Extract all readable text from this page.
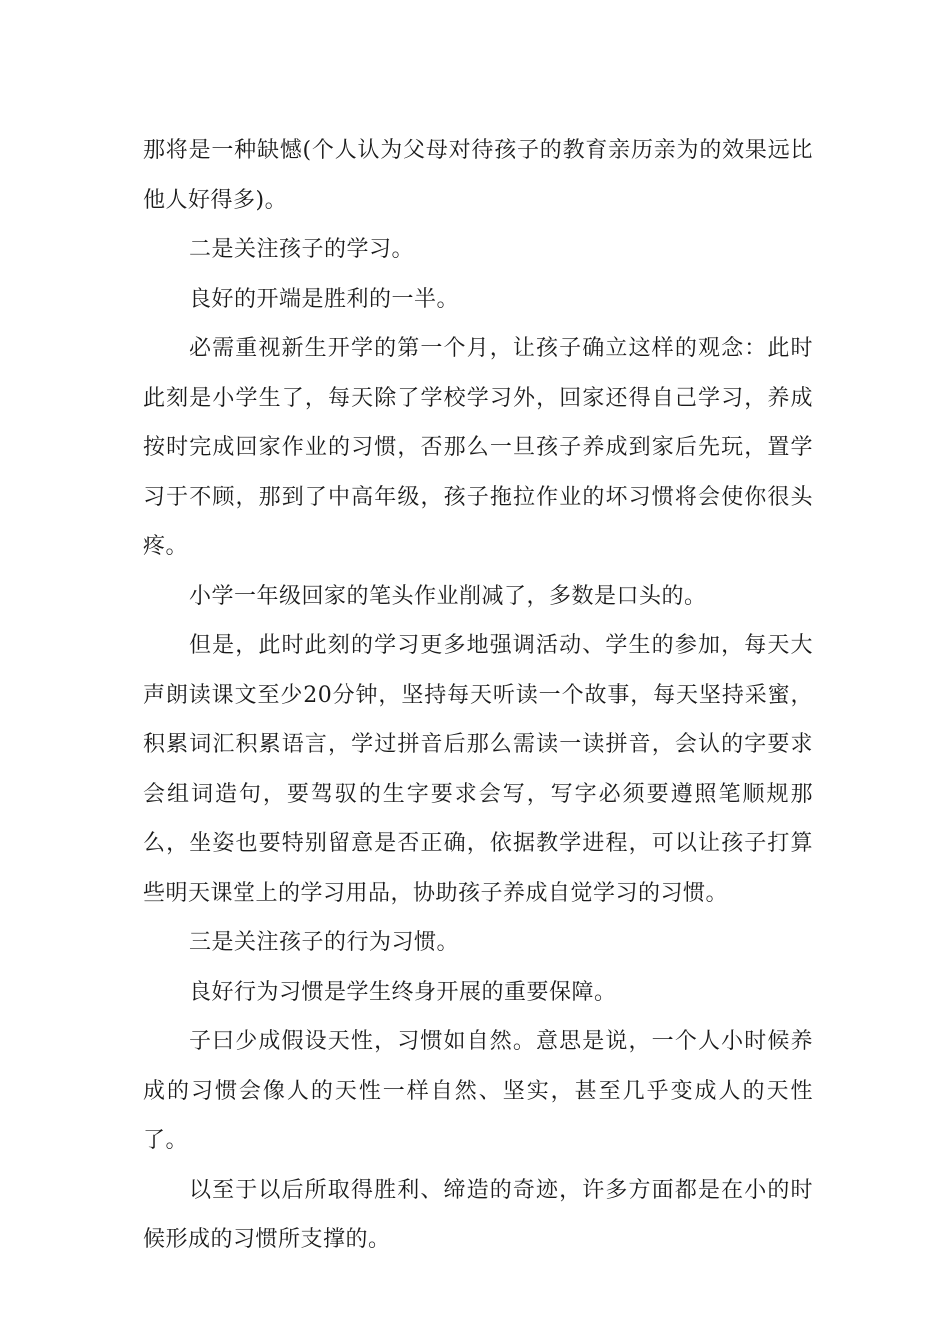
那将是一种缺憾(个人认为父母对待孩子的教育亲历亲为的效果远比他人好得多)。

二是关注孩子的学习。

良好的开端是胜利的一半。

必需重视新生开学的第一个月，让孩子确立这样的观念：此时此刻是小学生了，每天除了学校学习外，回家还得自己学习，养成按时完成回家作业的习惯，否那么一旦孩子养成到家后先玩，置学习于不顾，那到了中高年级，孩子拖拉作业的坏习惯将会使你很头疼。

小学一年级回家的笔头作业削减了，多数是口头的。

但是，此时此刻的学习更多地强调活动、学生的参加，每天大声朗读课文至少20分钟，坚持每天听读一个故事，每天坚持采蜜，积累词汇积累语言，学过拼音后那么需读一读拼音，会认的字要求会组词造句，要驾驭的生字要求会写，写字必须要遵照笔顺规那么，坐姿也要特别留意是否正确，依据教学进程，可以让孩子打算些明天课堂上的学习用品，协助孩子养成自觉学习的习惯。

三是关注孩子的行为习惯。

良好行为习惯是学生终身开展的重要保障。

子曰少成假设天性，习惯如自然。意思是说，一个人小时候养成的习惯会像人的天性一样自然、坚实，甚至几乎变成人的天性了。

以至于以后所取得胜利、缔造的奇迹，许多方面都是在小的时候形成的习惯所支撑的。
